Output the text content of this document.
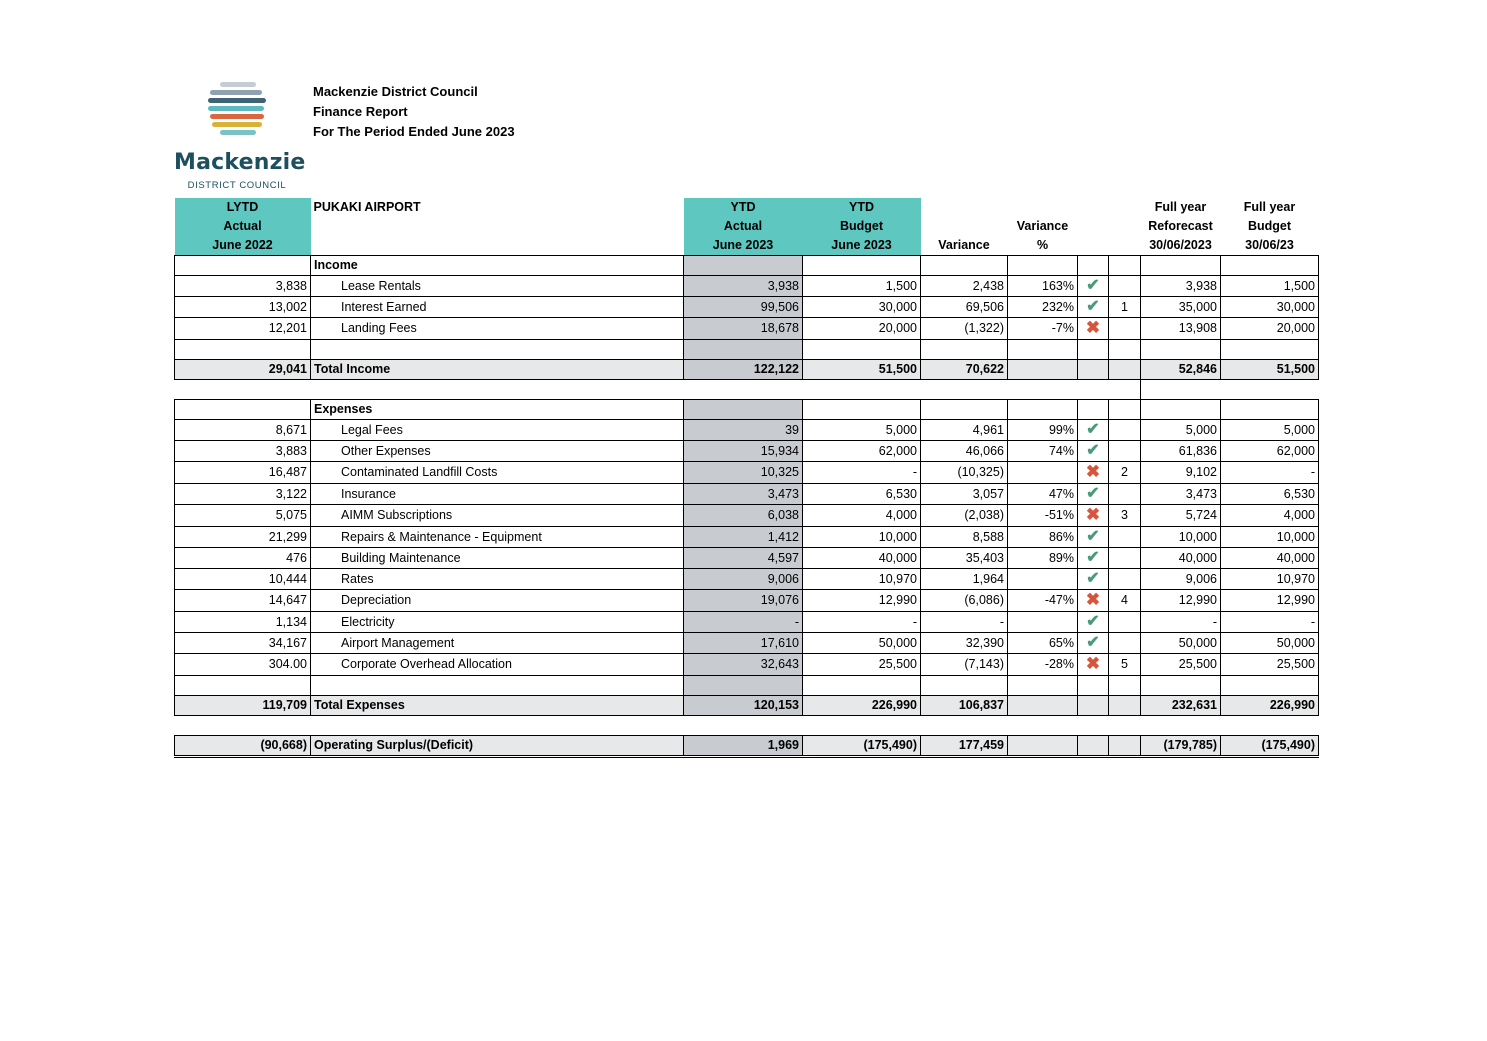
Mackenzie
DISTRICT COUNCIL
Mackenzie District Council
Finance Report
For The Period Ended June 2023
LYTD	PUKAKI AIRPORT	YTD	YTD					Full year	Full year
Actual		Actual	Budget		Variance			Reforecast	Budget
June 2022		June 2023	June 2023	Variance	%			30/06/2023	30/06/23
	Income								
3,838	Lease Rentals	3,938	1,500	2,438	163%	✔		3,938	1,500
13,002	Interest Earned	99,506	30,000	69,506	232%	✔	1	35,000	30,000
12,201	Landing Fees	18,678	20,000	(1,322)	-7%	✖		13,908	20,000

29,041	Total Income	122,122	51,500	70,622				52,846	51,500

	Expenses								
8,671	Legal Fees	39	5,000	4,961	99%	✔		5,000	5,000
3,883	Other Expenses	15,934	62,000	46,066	74%	✔		61,836	62,000
16,487	Contaminated Landfill Costs	10,325	-	(10,325)		✖	2	9,102	-
3,122	Insurance	3,473	6,530	3,057	47%	✔		3,473	6,530
5,075	AIMM Subscriptions	6,038	4,000	(2,038)	-51%	✖	3	5,724	4,000
21,299	Repairs & Maintenance - Equipment	1,412	10,000	8,588	86%	✔		10,000	10,000
476	Building Maintenance	4,597	40,000	35,403	89%	✔		40,000	40,000
10,444	Rates	9,006	10,970	1,964		✔		9,006	10,970
14,647	Depreciation	19,076	12,990	(6,086)	-47%	✖	4	12,990	12,990
1,134	Electricity	-	-	-		✔		-	-
34,167	Airport Management	17,610	50,000	32,390	65%	✔		50,000	50,000
304.00	Corporate Overhead Allocation	32,643	25,500	(7,143)	-28%	✖	5	25,500	25,500

119,709	Total Expenses	120,153	226,990	106,837				232,631	226,990

(90,668)	Operating Surplus/(Deficit)	1,969	(175,490)	177,459				(179,785)	(175,490)
